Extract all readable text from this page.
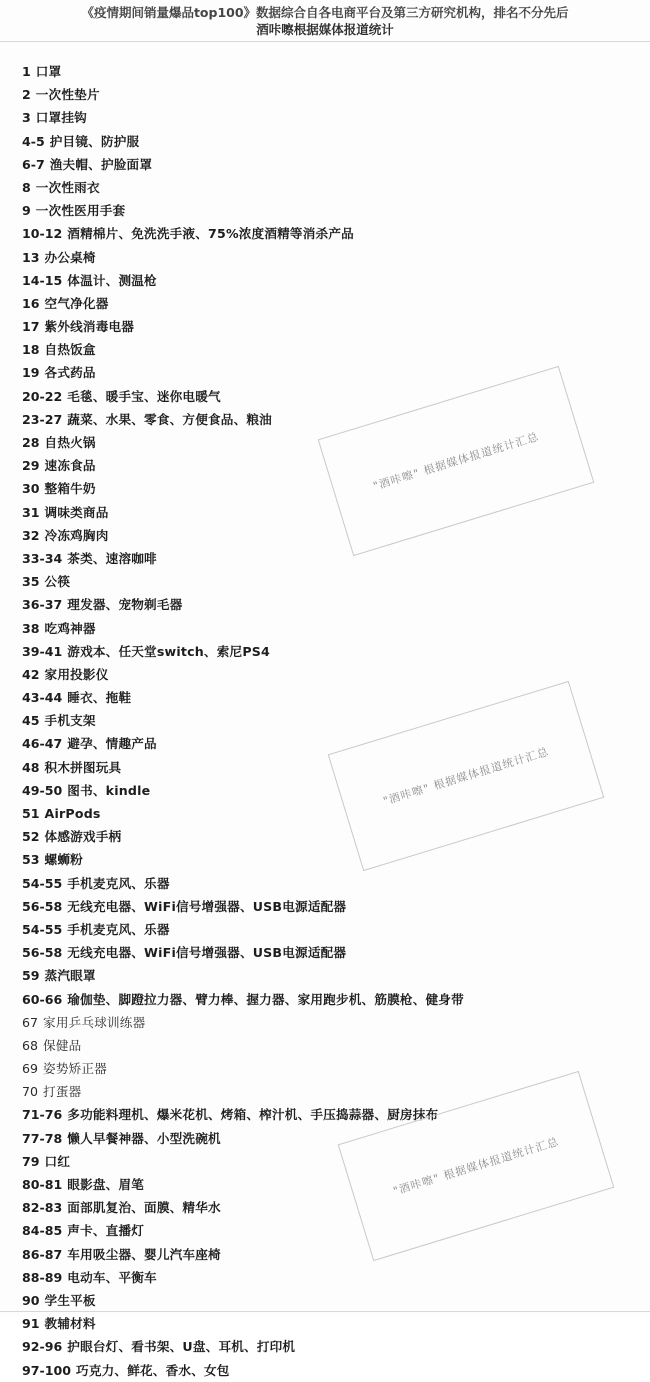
《疫情期间销量爆品top100》数据综合自各电商平台及第三方研究机构，排名不分先后
酒咔嚓根据媒体报道统计
1 口罩
2 一次性垫片
3 口罩挂钩
4-5 护目镜、防护服
6-7 渔夫帽、护脸面罩
8 一次性雨衣
9 一次性医用手套
10-12 酒精棉片、免洗洗手液、75%浓度酒精等消杀产品
13 办公桌椅
14-15 体温计、测温枪
16 空气净化器
17 紫外线消毒电器
18 自热饭盒
19 各式药品
20-22 毛毯、暖手宝、迷你电暖气
23-27 蔬菜、水果、零食、方便食品、粮油
28 自热火锅
29 速冻食品
30 整箱牛奶
31 调味类商品
32 冷冻鸡胸肉
33-34 茶类、速溶咖啡
35 公筷
36-37 理发器、宠物剃毛器
38 吃鸡神器
39-41 游戏本、任天堂switch、索尼PS4
42 家用投影仪
43-44 睡衣、拖鞋
45 手机支架
46-47 避孕、情趣产品
48 积木拼图玩具
49-50 图书、kindle
51 AirPods
52 体感游戏手柄
53 螺蛳粉
54-55 手机麦克风、乐器
56-58 无线充电器、WiFi信号增强器、USB电源适配器
54-55 手机麦克风、乐器
56-58 无线充电器、WiFi信号增强器、USB电源适配器
59 蒸汽眼罩
60-66 瑜伽垫、脚蹬拉力器、臂力棒、握力器、家用跑步机、筋膜枪、健身带
67 家用乒乓球训练器
68 保健品
69 姿势矫正器
70 打蛋器
71-76 多功能料理机、爆米花机、烤箱、榨汁机、手压捣蒜器、厨房抹布
77-78 懒人早餐神器、小型洗碗机
79 口红
80-81 眼影盘、眉笔
82-83 面部肌复治、面膜、精华水
84-85 声卡、直播灯
86-87 车用吸尘器、婴儿汽车座椅
88-89 电动车、平衡车
90 学生平板
91 教辅材料
92-96 护眼台灯、看书架、U盘、耳机、打印机
97-100 巧克力、鲜花、香水、女包
"酒咔嚓" 根据媒体报道统计汇总
"酒咔嚓" 根据媒体报道统计汇总
"酒咔嚓" 根据媒体报道统计汇总
